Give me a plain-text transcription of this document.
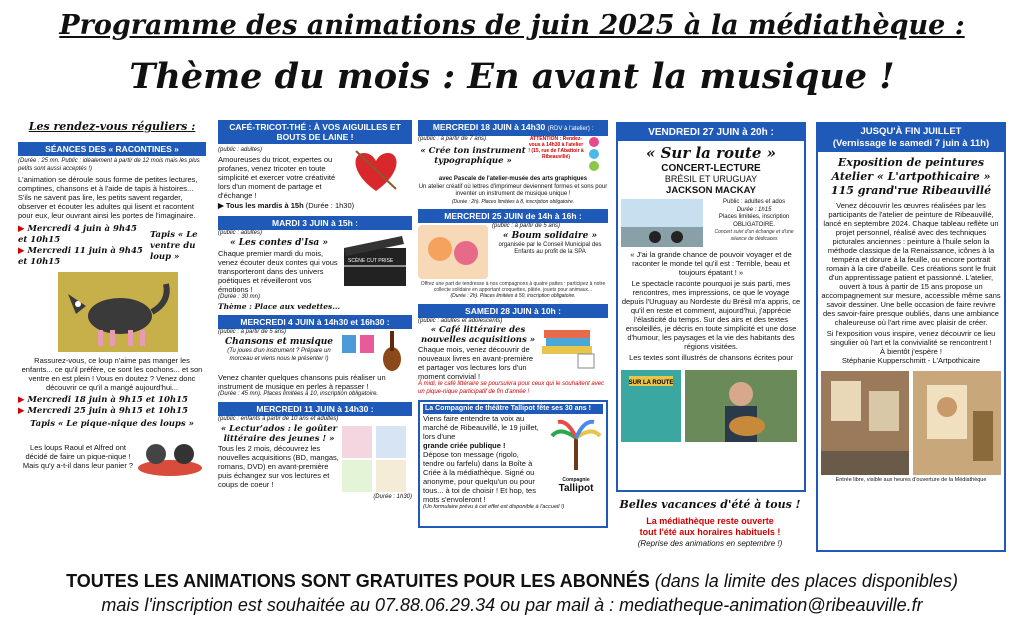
Programme des animations de juin 2025 à la médiathèque :
Thème du mois : En avant la musique !
Les rendez-vous réguliers :
SÉANCES DES « RACONTINES »
(Durée : 25 mn. Public : idéalement à partir de 12 mois mais les plus petits sont aussi acceptés !)
L'animation se déroule sous forme de petites lectures, comptines, chansons et à l'aide de tapis à histoires... S'ils ne savent pas lire, les petits savent regarder, observer et écouter les adultes qui lisent et racontent pour eux, leur ouvrant ainsi les portes de l'imaginaire.
▶ Mercredi 4 juin à 9h45 et 10h15
▶ Mercredi 11 juin à 9h45 et 10h15
Tapis « Le ventre du loup »
Rassurez-vous, ce loup n'aime pas manger les enfants... ce qu'il préfère, ce sont les cochons... et son ventre en est plein ! Vous en doutez ? Venez donc découvrir ce qu'il a mangé aujourd'hui...
▶ Mercredi 18 juin à 9h15 et 10h15
▶ Mercredi 25 juin à 9h15 et 10h15
Tapis « Le pique-nique des loups »
Les loups Raoul et Alfred ont décidé de faire un pique-nique ! Mais qu'y a-t-il dans leur panier ?
CAFÉ-TRICOT-THÉ : À VOS AIGUILLES ET BOUTS DE LAINE !
(public : adultes)
Amoureuses du tricot, expertes ou profanes, venez tricoter en toute simplicité et exercer votre créativité lors d'un moment de partage et d'échange !
▶ Tous les mardis à 15h (Durée : 1h30)
MARDI 3 JUIN à 15h :
(public : adultes)
« Les contes d'Isa »
Chaque premier mardi du mois, venez écouter deux contes qui vous transporteront dans des univers poétiques et réveilleront vos émotions !
(Durée : 30 mn)
SCÈNE CUT PRISE
Thème : Place aux vedettes...
MERCREDI 4 JUIN à 14h30 et 16h30 :
(public : à partir de 5 ans)
Chansons et musique
(Tu joues d'un instrument ? Prépare un morceau et viens nous le présenter !)
Venez chanter quelques chansons puis réaliser un instrument de musique en perles à repasser !
(Durée : 45 mn). Places limitées à 10, inscription obligatoire.
MERCREDI 11 JUIN à 14h30 :
(public : enfants à partir de 10 ans et adultes)
« Lectur'ados : le goûter littéraire des jeunes ! »
Tous les 2 mois, découvrez les nouvelles acquisitions (BD, mangas, romans, DVD) en avant-première puis échangez sur vos lectures et coups de coeur !
(Durée : 1h30)
MERCREDI 18 JUIN à 14h30 (RDV à l'atelier) :
(public : à partir de 7 ans)
« Crée ton instrument typographique »
ATTENTION : Rendez-vous à 14h30 à l'atelier ! (15, rue de l'Abattoir à Ribeauvillé)
avec Pascale de l'atelier-musée des arts graphiques
Un atelier créatif où lettres d'imprimeur deviennent formes et sons pour inventer un instrument de musique unique !
(Durée : 2h). Places limitées à 8, inscription obligatoire.
MERCREDI 25 JUIN de 14h à 16h :
(public : à partir de 5 ans)
« Boum solidaire »
organisée par le Conseil Municipal des Enfants au profit de la SPA
Offrez une part de tendresse à nos compagnons à quatre pattes : participez à notre collecte solidaire en apportant croquettes, pâtée, jouets pour animaux...
(Durée : 2h). Places limitées à 50, inscription obligatoire.
SAMEDI 28 JUIN à 10h :
(public : adultes et adolescents)
« Café littéraire des nouvelles acquisitions »
Chaque mois, venez découvrir de nouveaux livres en avant-première et partager vos lectures lors d'un moment convivial !
À midi, le café littéraire se poursuivra pour ceux qui le souhaitent avec un pique-nique participatif de fin d'année !
La Compagnie de théâtre Tallipot fête ses 30 ans !
Viens faire entendre ta voix au marché de Ribeauvillé, le 19 juillet, lors d'une
grande criée publique !
Dépose ton message (rigolo, tendre ou farfelu) dans la Boîte à Criée à la médiathèque. Signé ou anonyme, pour quelqu'un ou pour tous... à toi de choisir ! Et hop, tes mots s'envoleront !
(Un formulaire prévu à cet effet est disponible à l'accueil !)
Compagnie
Tallipot
VENDREDI 27 JUIN à 20h :
« Sur la route »
CONCERT-LECTURE
BRÉSIL ET URUGUAY
JACKSON MACKAY
Public : adultes et ados
Durée : 1h15
Places limitées, inscription OBLIGATOIRE.
Concert suivi d'un échange et d'une séance de dédicaces
« J'ai la grande chance de pouvoir voyager et de raconter le monde tel qu'il est : Terrible, beau et toujours épatant ! »
Le spectacle raconte pourquoi je suis parti, mes rencontres, mes impressions, ce que le voyage depuis l'Uruguay au Nordeste du Brésil m'a appris, ce qu'il en reste et comment, aujourd'hui, j'apprécie l'élasticité du temps. Sur des airs et des textes ensoleillés, je décris en toute simplicité et une dose d'humour, les paysages et la vie des habitants des régions visitées.
Les textes sont illustrés de chansons écrites pour
SUR LA ROUTE
Belles vacances d'été à tous !
La médiathèque reste ouverte
tout l'été aux horaires habituels !
(Reprise des animations en septembre !)
JUSQU'À FIN JUILLET
(Vernissage le samedi 7 juin à 11h)
Exposition de peintures
Atelier « L'artpothicaire »
115 grand'rue Ribeauvillé
Venez découvrir les œuvres réalisées par les participants de l'atelier de peinture de Ribeauvillé, lancé en septembre 2024. Chaque tableau reflète un projet personnel, réalisé avec des techniques picturales anciennes : peinture à l'huile selon la méthode classique de la Renaissance, icônes à la tempéra et dorure à la feuille, ou encore portrait romain à la cire d'abeille. Ces créations sont le fruit d'un apprentissage patient et passionné. L'atelier, ouvert à tous à partir de 15 ans propose un accompagnement sur mesure, accessible même sans savoir dessiner. Une belle occasion de faire revivre des savoir-faire presque oubliés, dans une ambiance chaleureuse où l'art rime avec plaisir de créer.
Si l'exposition vous inspire, venez découvrir ce lieu singulier où l'art et la convivialité se rencontrent !
À bientôt j'espère !
Stéphanie Kupperschmitt - L'Artpothicaire
Entrée libre, visible aux heures d'ouverture de la Médiathèque
TOUTES LES ANIMATIONS SONT GRATUITES POUR LES ABONNÉS (dans la limite des places disponibles)
mais l'inscription est souhaitée au 07.88.06.29.34 ou par mail à : mediatheque-animation@ribeauville.fr
